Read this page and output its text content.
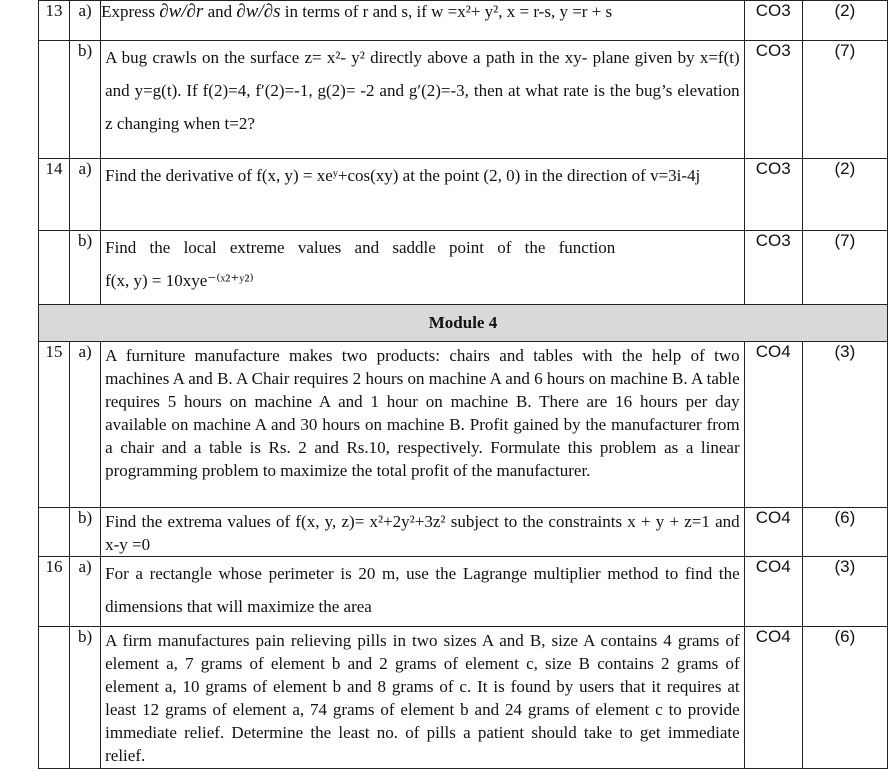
13	a)	Express ∂w/∂r and ∂w/∂s in terms of r and s, if w =x²+ y², x = r-s, y =r + s	CO3	(2)
	b)	A bug crawls on the surface z= x²- y² directly above a path in the xy- plane given by x=f(t) and y=g(t). If f(2)=4, f′(2)=-1, g(2)= -2 and g′(2)=-3, then at what rate is the bug’s elevation z changing when t=2?	CO3	(7)
14	a)	Find the derivative of f(x, y) = xeʸ+cos(xy) at the point (2, 0) in the direction of v=3i-4j	CO3	(2)
	b)	Find the local extreme values and saddle point of the function
f(x, y) = 10xye⁻⁽ˣ²⁺ʸ²⁾	CO3	(7)
Module 4				
15	a)	A furniture manufacture makes two products: chairs and tables with the help of two machines A and B. A Chair requires 2 hours on machine A and 6 hours on machine B. A table requires 5 hours on machine A and 1 hour on machine B. There are 16 hours per day available on machine A and 30 hours on machine B. Profit gained by the manufacturer from a chair and a table is Rs. 2 and Rs.10, respectively. Formulate this problem as a linear programming problem to maximize the total profit of the manufacturer.	CO4	(3)
	b)	Find the extrema values of f(x, y, z)= x²+2y²+3z² subject to the constraints x + y + z=1 and x-y =0	CO4	(6)
16	a)	For a rectangle whose perimeter is 20 m, use the Lagrange multiplier method to find the dimensions that will maximize the area	CO4	(3)
	b)	A firm manufactures pain relieving pills in two sizes A and B, size A contains 4 grams of element a, 7 grams of element b and 2 grams of element c, size B contains 2 grams of element a, 10 grams of element b and 8 grams of c. It is found by users that it requires at least 12 grams of element a, 74 grams of element b and 24 grams of element c to provide immediate relief. Determine the least no. of pills a patient should take to get immediate relief.	CO4	(6)
